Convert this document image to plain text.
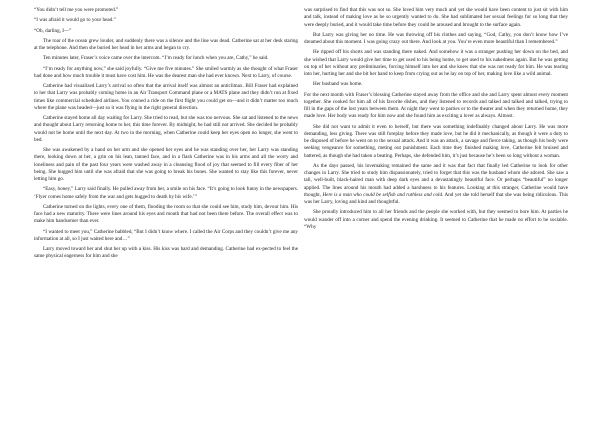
“You didn’t tell me you were promoted.”

“I was afraid it would go to your head.”

“Oh, darling, I—”

The roar of the ocean grew louder, and suddenly there was a silence and the line was dead. Catherine sat at her desk staring at the telephone. And then she buried her head in her arms and began to cry.

Ten minutes later, Fraser’s voice came over the intercom. “I’m ready for lunch when you are, Cathy,” he said.

“I’m ready for anything now,” she said joyfully. “Give me five minutes.” She smiled warmly as she thought of what Fraser had done and how much trouble it must have cost him. He was the dearest man she had ever known. Next to Larry, of course.

Catherine had visualized Larry’s arrival so often that the arrival itself was almost an anticlimax. Bill Fraser had explained to her that Larry was probably coming home in an Air Transport Command plane or a MATS plane and they didn’t run at fixed times like commercial scheduled airlines. You conned a ride on the first flight you could get on—and it didn’t matter too much where the plane was headed—just so it was flying in the right general direction.

Catherine stayed home all day waiting for Larry. She tried to read, but she was too nervous. She sat and listened to the news and thought about Larry returning home to her, this time forever. By midnight, he had still not arrived. She decided he probably would not be home until the next day. At two in the morning, when Catherine could keep her eyes open no longer, she went to bed.

She was awakened by a hand on her arm and she opened her eyes and he was standing over her, her Larry was standing there, looking down at her, a grin on his lean, tanned face, and in a flash Catherine was in his arms and all the worry and loneliness and pain of the past four years were washed away in a cleansing flood of joy that seemed to fill every fiber of her being. She hugged him until she was afraid that she was going to break his bones. She wanted to stay like this forever, never letting him go.

“Easy, honey,” Larry said finally. He pulled away from her, a smile on his face. “It’s going to look funny in the newspapers. ‘Flyer comes home safely from the war and gets hugged to death by his wife.’”

Catherine turned on the lights, every one of them, flooding the room so that she could see him, study him, devour him. His face had a new maturity. There were lines around his eyes and mouth that had not been there before. The overall effect was to make him handsomer than ever.

“I wanted to meet you,” Catherine babbled, “But I didn’t know where. I called the Air Corps and they couldn’t give me any information at all, so I just waited here and…”

Larry moved toward her and shut her up with a kiss. His kiss was hard and demanding. Catherine had ex-pected to feel the same physical eagerness for him and she

was surprised to find that this was not so. She loved him very much and yet she would have been content to just sit with him and talk, instead of making love as he so urgently wanted to do. She had sublimated her sexual feelings for so long that they were deeply buried, and it would take time before they could be aroused and brought to the surface again.

But Larry was giving her no time. He was throwing off his clothes and saying, “God, Cathy, you don’t know how I’ve dreamed about this moment. I was going crazy out there. And look at you. You’re even more beautiful than I remembered.”

He ripped off his shorts and was standing there naked. And somehow it was a stranger pushing her down on the bed, and she wished that Larry would give her time to get used to his being home, to get used to his nakedness again. But he was getting on top of her without any preliminaries, forcing himself into her and she knew that she was not ready for him. He was tearing into her, hurting her and she bit her hand to keep from crying out as he lay on top of her, making love like a wild animal.

Her husband was home.

For the next month with Fraser’s blessing Catherine stayed away from the office and she and Larry spent almost every moment together. She cooked for him all of his favorite dishes, and they listened to records and talked and talked and talked, trying to fill in the gaps of the lost years between them. At night they went to parties or to the theater and when they returned home, they made love. Her body was ready for him now and she found him as exciting a lover as always. Almost.

She did not want to admit it even to herself, but there was something indefinably changed about Larry. He was more demanding, less giving. There was still foreplay before they made love, but he did it mechanically, as though it were a duty to be disposed of before he went on to the sexual attack. And it was an attack, a savage and fierce taking, as though his body were seeking vengeance for something, meting out punishment. Each time they finished making love, Catherine felt bruised and battered, as though she had taken a beating. Perhaps, she defended him, it’s just because he’s been so long without a woman.

As the days passed, his lovemaking remained the same and it was that fact that finally led Catherine to look for other changes in Larry. She tried to study him dispassionately, tried to forget that this was the husband whom she adored. She saw a tall, well-built, black-haired man with deep dark eyes and a devastatingly beautiful face. Or perhaps “beautiful” no longer applied. The lines around his mouth had added a harshness to his features. Looking at this stranger, Catherine would have thought, Here is a man who could be selfish and ruthless and cold. And yet she told herself that she was being ridiculous. This was her Larry, loving and kind and thoughtful.

She proudly introduced him to all her friends and the people she worked with, but they seemed to bore him. At parties he would wander off into a corner and spend the evening drinking. It seemed to Catherine that he made no effort to be sociable. “Why
